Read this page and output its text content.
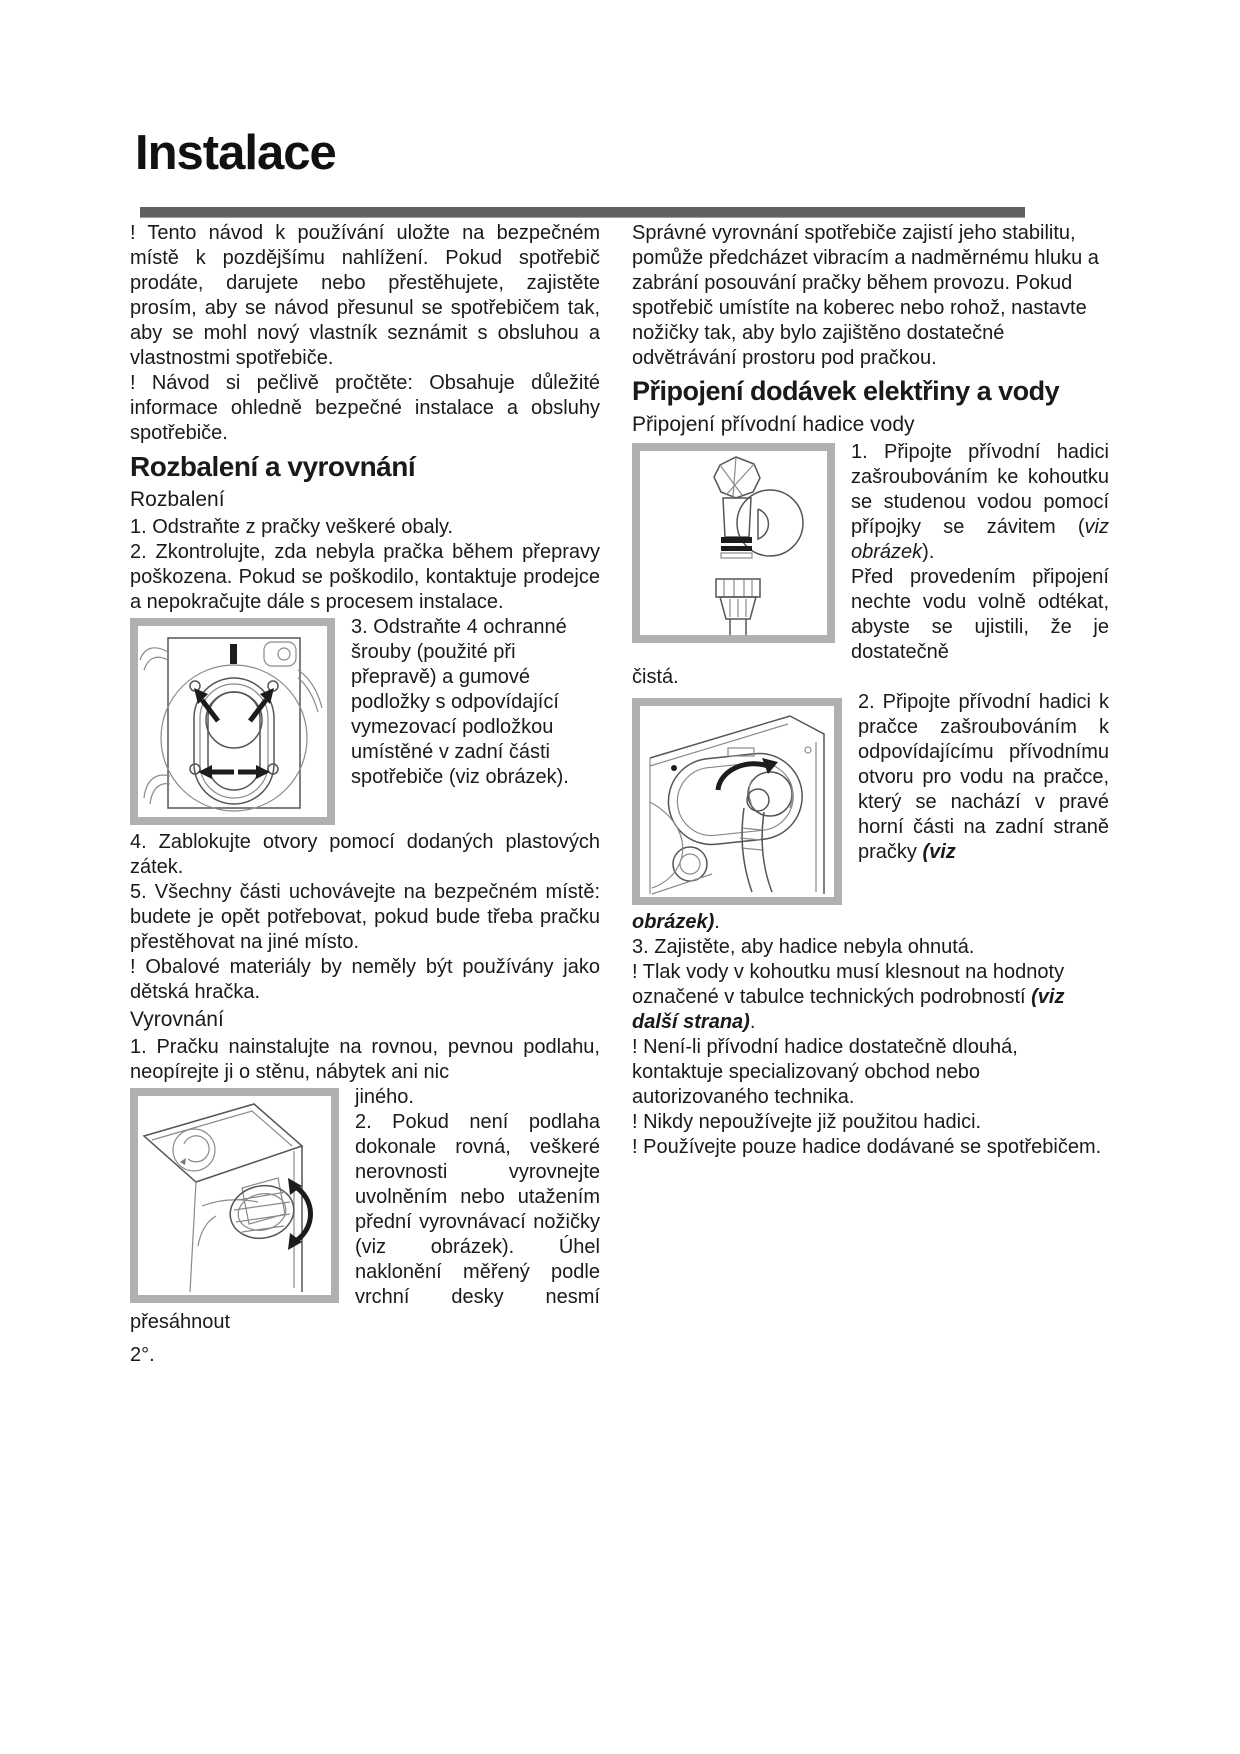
Instalace

! Tento návod k používání uložte na bezpečném místě k pozdějšímu nahlížení. Pokud spotřebič prodáte, darujete nebo přestěhujete, zajistěte prosím, aby se návod přesunul se spotřebičem tak, aby se mohl nový vlastník seznámit s obsluhou a vlastnostmi spotřebiče.

! Návod si pečlivě pročtěte: Obsahuje důležité informace ohledně bezpečné instalace a obsluhy spotřebiče.

Rozbalení a vyrovnání
Rozbalení

1. Odstraňte z pračky veškeré obaly.

2. Zkontrolujte, zda nebyla pračka během přepravy poškozena. Pokud se poškodilo, kontaktuje prodejce a nepokračujte dále s procesem instalace.

3. Odstraňte 4 ochranné šrouby (použité při přepravě) a gumové podložky s odpovídající vymezovací podložkou umístěné v zadní části spotřebiče (viz obrázek).

4. Zablokujte otvory pomocí dodaných plastových zátek.

5. Všechny části uchovávejte na bezpečném místě: budete je opět potřebovat, pokud bude třeba pračku přestěhovat na jiné místo.

! Obalové materiály by neměly být používány jako dětská hračka.

Vyrovnání

1. Pračku nainstalujte na rovnou, pevnou podlahu, neopírejte ji o stěnu, nábytek ani nic

jiného.

2. Pokud není podlaha dokonale rovná, veškeré nerovnosti vyrovnejte uvolněním nebo utažením přední vyrovnávací nožičky (viz obrázek). Úhel naklonění měřený podle vrchní desky nesmí přesáhnout

2°.

Správné vyrovnání spotřebiče zajistí jeho stabilitu, pomůže předcházet vibracím a nadměrnému hluku a zabrání posouvání pračky během provozu. Pokud spotřebič umístíte na koberec nebo rohož, nastavte nožičky tak, aby bylo zajištěno dostatečné odvětrávání prostoru pod pračkou.

Připojení dodávek elektřiny a vody
Připojení přívodní hadice vody

1. Připojte přívodní hadici zašroubováním ke kohoutku se studenou vodou pomocí přípojky se závitem (viz obrázek).

Před provedením připojení nechte vodu volně odtékat, abyste se ujistili, že je dostatečně

čistá.

2. Připojte přívodní hadici k pračce zašroubováním k odpovídajícímu přívodnímu otvoru pro vodu na pračce, který se nachází v pravé horní části na zadní straně pračky (viz

obrázek).

3. Zajistěte, aby hadice nebyla ohnutá.

! Tlak vody v kohoutku musí klesnout na hodnoty označené v tabulce technických podrobností (viz další strana).

! Není-li přívodní hadice dostatečně dlouhá, kontaktuje specializovaný obchod nebo autorizovaného technika.

! Nikdy nepoužívejte již použitou hadici.

! Používejte pouze hadice dodávané se spotřebičem.
